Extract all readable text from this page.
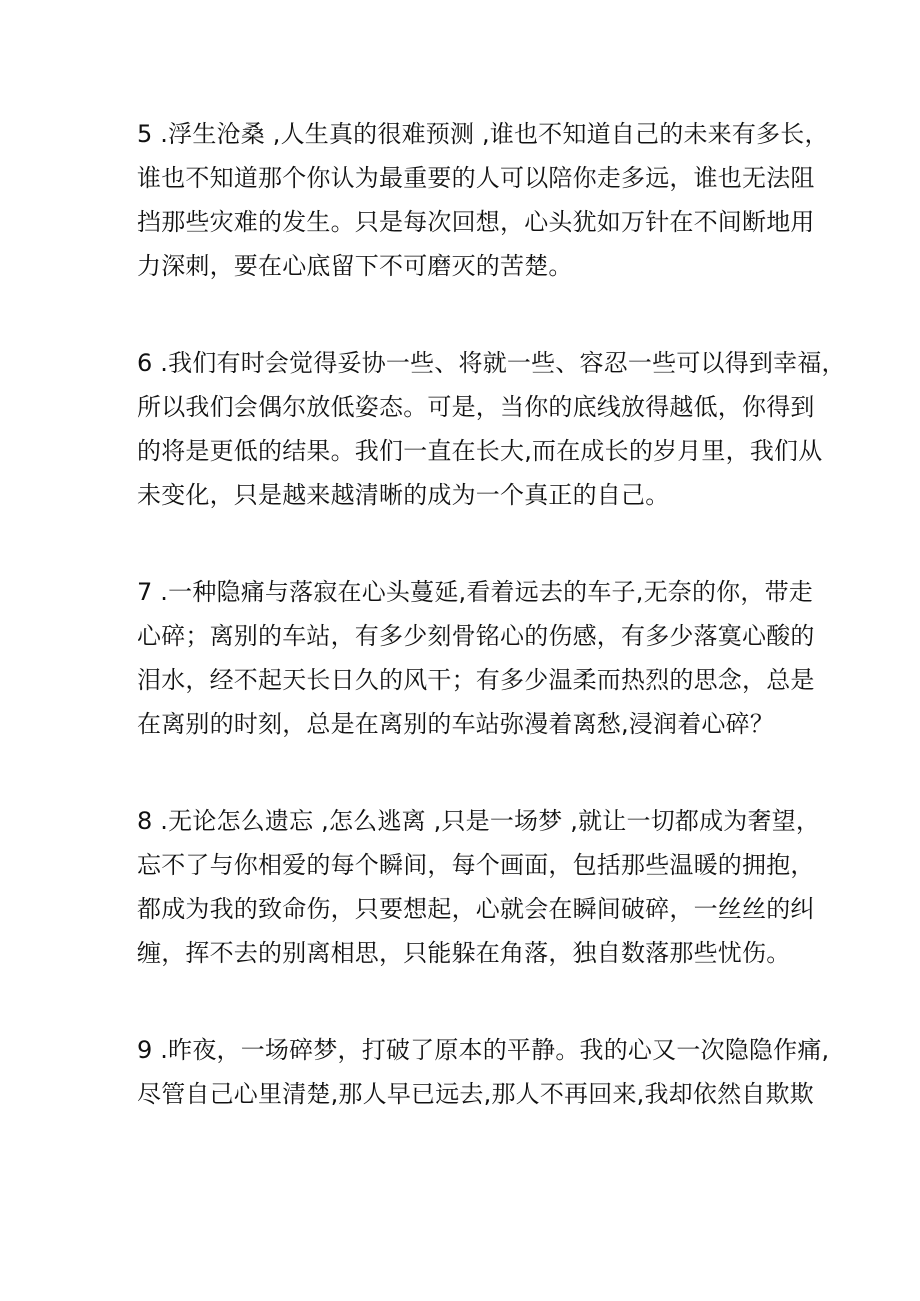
5 .浮生沧桑 ,人生真的很难预测 ,谁也不知道自己的未来有多长，
谁也不知道那个你认为最重要的人可以陪你走多远，谁也无法阻
挡那些灾难的发生。只是每次回想，心头犹如万针在不间断地用
力深刺，要在心底留下不可磨灭的苦楚。

6 .我们有时会觉得妥协一些、将就一些、容忍一些可以得到幸福，
所以我们会偶尔放低姿态。可是，当你的底线放得越低，你得到
的将是更低的结果。我们一直在长大,而在成长的岁月里，我们从
未变化，只是越来越清晰的成为一个真正的自己。

7 .一种隐痛与落寂在心头蔓延,看着远去的车子,无奈的你，带走
心碎；离别的车站，有多少刻骨铭心的伤感，有多少落寞心酸的
泪水，经不起天长日久的风干；有多少温柔而热烈的思念，总是
在离别的时刻，总是在离别的车站弥漫着离愁,浸润着心碎？

8 .无论怎么遗忘 ,怎么逃离 ,只是一场梦 ,就让一切都成为奢望，
忘不了与你相爱的每个瞬间，每个画面，包括那些温暖的拥抱，
都成为我的致命伤，只要想起，心就会在瞬间破碎，一丝丝的纠
缠，挥不去的别离相思，只能躲在角落，独自数落那些忧伤。

9 .昨夜，一场碎梦，打破了原本的平静。我的心又一次隐隐作痛,
尽管自己心里清楚,那人早已远去,那人不再回来,我却依然自欺欺
